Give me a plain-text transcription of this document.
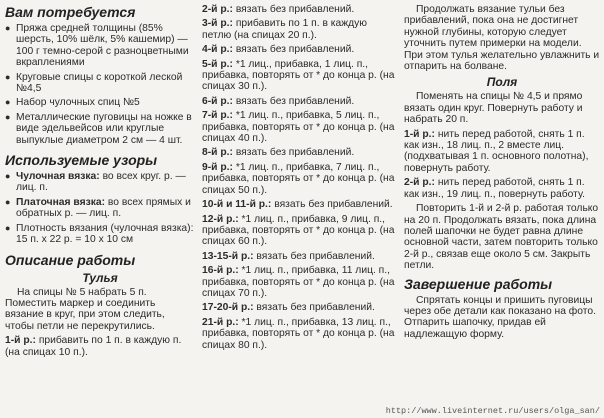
Вам потребуется
● Пряжа средней толщины (85% шерсть, 10% шёлк, 5% кашемир) — 100 г темно-серой с разноцветными вкраплениями
● Круговые спицы с короткой леской №4,5
● Набор чулочных спиц №5
● Металлические пуговицы на ножке в виде эдельвейсов или круглые выпуклые диаметром 2 см — 4 шт.
Используемые узоры
● Чулочная вязка: во всех круг. р. — лиц. п.
● Платочная вязка: во всех прямых и обратных р. — лиц. п.
● Плотность вязания (чулочная вязка): 15 п. х 22 р. = 10 х 10 см
Описание работы
Тулья

На спицы № 5 набрать 5 п. Поместить маркер и соединить вязание в круг, при этом следить, чтобы петли не перекрутились.

1-й р.: прибавить по 1 п. в каждую п. (на спицах 10 п.).

2-й р.: вязать без прибавлений.

3-й р.: прибавить по 1 п. в каждую петлю (на спицах 20 п.).

4-й р.: вязать без прибавлений.

5-й р.: *1 лиц., прибавка, 1 лиц. п., прибавка, повторять от * до конца р. (на спицах 30 п.).

6-й р.: вязать без прибавлений.

7-й р.: *1 лиц. п., прибавка, 5 лиц. п., прибавка, повторять от * до конца р. (на спицах 40 п.).

8-й р.: вязать без прибавлений.

9-й р.: *1 лиц. п., прибавка, 7 лиц. п., прибавка, повторять от * до конца р. (на спицах 50 п.).

10-й и 11-й р.: вязать без прибавлений.

12-й р.: *1 лиц. п., прибавка, 9 лиц. п., прибавка, повторять от * до конца р. (на спицах 60 п.).

13-15-й р.: вязать без прибавлений.

16-й р.: *1 лиц. п., прибавка, 11 лиц. п., прибавка, повторять от * до конца р. (на спицах 70 п.).

17-20-й р.: вязать без прибавлений.

21-й р.: *1 лиц. п., прибавка, 13 лиц. п., прибавка, повторять от * до конца р. (на спицах 80 п.).

Продолжать вязание тульи без прибавлений, пока она не достигнет нужной глубины, которую следует уточнить путем примерки на модели. При этом тулья желательно увлажнить и отпарить на болване.

Поля

Поменять на спицы № 4,5 и прямо вязать один круг. Повернуть работу и набрать 20 п.

1-й р.: нить перед работой, снять 1 п. как изн., 18 лиц. п., 2 вместе лиц. (подхватывая 1 п. основного полотна), повернуть работу.

2-й р.: нить перед работой, снять 1 п. как изн., 19 лиц. п., повернуть работу.

Повторить 1-й и 2-й р. работая только на 20 п. Продолжать вязать, пока длина полей шапочки не будет равна длине основной части, затем повторить только 2-й р., связав еще около 5 см. Закрыть петли.

Завершение работы

Спрятать концы и пришить пуговицы через обе детали как показано на фото. Отпарить шапочку, придав ей надлежащую форму.

http://www.liveinternet.ru/users/olga_san/
